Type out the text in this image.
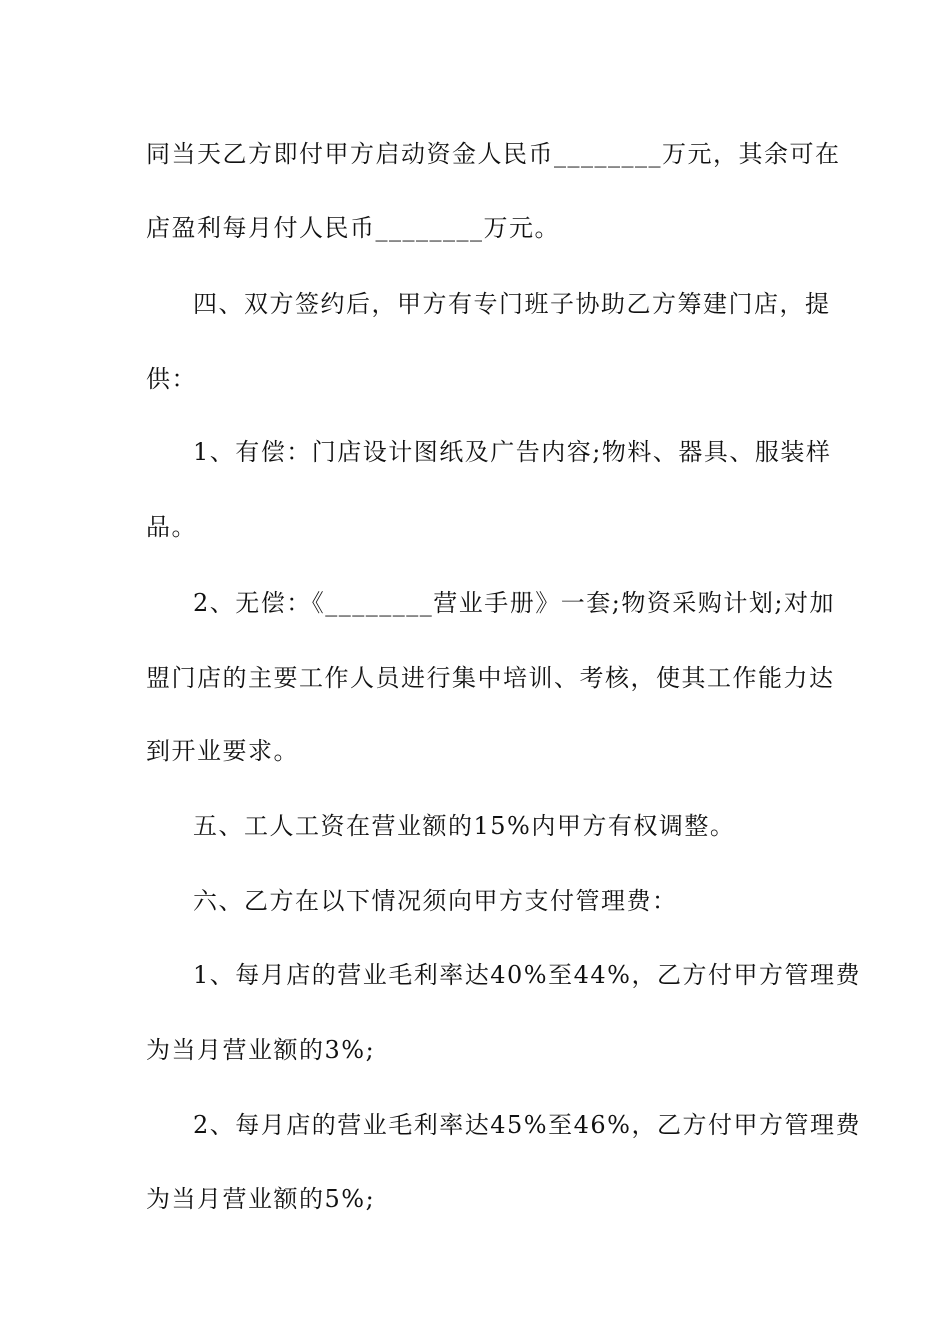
同当天乙方即付甲方启动资金人民币________万元，其余可在
店盈利每月付人民币________万元。
四、双方签约后，甲方有专门班子协助乙方筹建门店，提
供：
1、有偿：门店设计图纸及广告内容;物料、器具、服装样
品。
2、无偿：《________营业手册》一套;物资采购计划;对加
盟门店的主要工作人员进行集中培训、考核，使其工作能力达
到开业要求。
五、工人工资在营业额的15%内甲方有权调整。
六、乙方在以下情况须向甲方支付管理费：
1、每月店的营业毛利率达40%至44%，乙方付甲方管理费
为当月营业额的3%;
2、每月店的营业毛利率达45%至46%，乙方付甲方管理费
为当月营业额的5%;
